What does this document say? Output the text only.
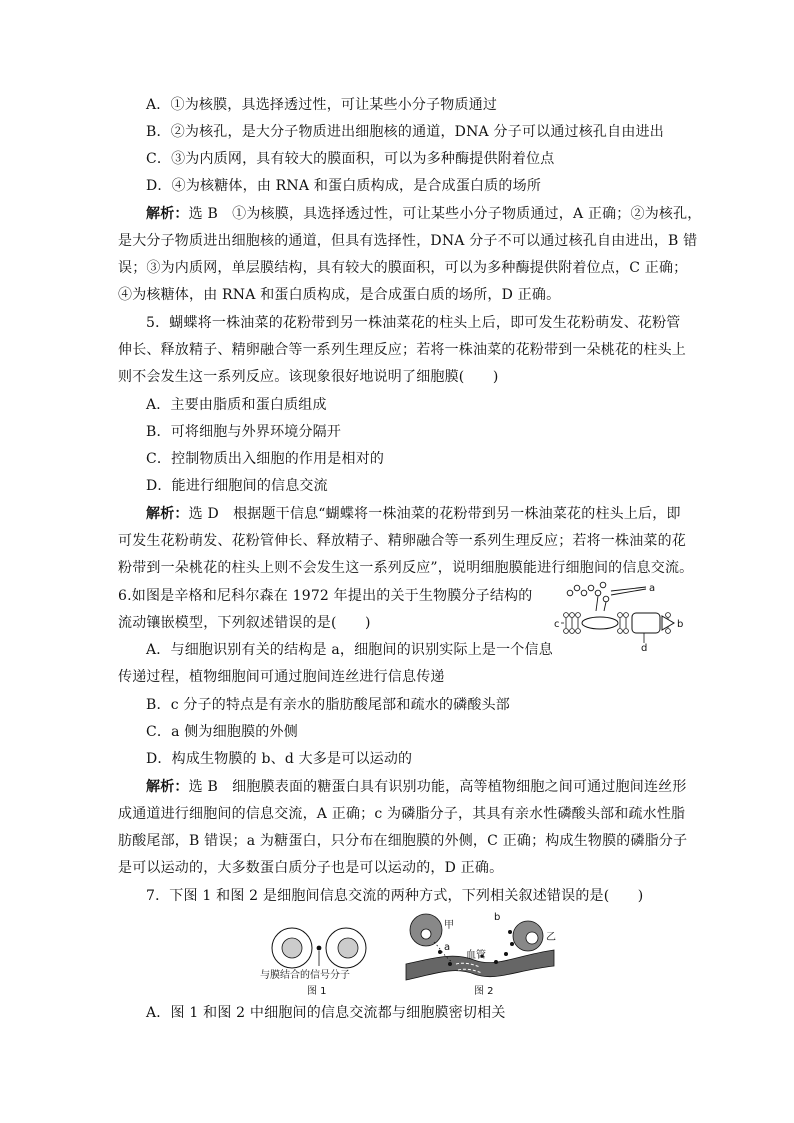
A．①为核膜，具选择透过性，可让某些小分子物质通过
B．②为核孔，是大分子物质进出细胞核的通道，DNA 分子可以通过核孔自由进出
C．③为内质网，具有较大的膜面积，可以为多种酶提供附着位点
D．④为核糖体，由 RNA 和蛋白质构成，是合成蛋白质的场所
解析：选 B　①为核膜，具选择透过性，可让某些小分子物质通过，A 正确；②为核孔，
是大分子物质进出细胞核的通道，但具有选择性，DNA 分子不可以通过核孔自由进出，B 错
误；③为内质网，单层膜结构，具有较大的膜面积，可以为多种酶提供附着位点，C 正确；
④为核糖体，由 RNA 和蛋白质构成，是合成蛋白质的场所，D 正确。
5．蝴蝶将一株油菜的花粉带到另一株油菜花的柱头上后，即可发生花粉萌发、花粉管
伸长、释放精子、精卵融合等一系列生理反应；若将一株油菜的花粉带到一朵桃花的柱头上
则不会发生这一系列反应。该现象很好地说明了细胞膜(　　)
A．主要由脂质和蛋白质组成
B．可将细胞与外界环境分隔开
C．控制物质出入细胞的作用是相对的
D．能进行细胞间的信息交流
解析：选 D　根据题干信息“蝴蝶将一株油菜的花粉带到另一株油菜花的柱头上后，即
可发生花粉萌发、花粉管伸长、释放精子、精卵融合等一系列生理反应；若将一株油菜的花
粉带到一朵桃花的柱头上则不会发生这一系列反应”，说明细胞膜能进行细胞间的信息交流。
6.如图是辛格和尼科尔森在 1972 年提出的关于生物膜分子结构的
流动镶嵌模型，下列叙述错误的是(　　)
A．与细胞识别有关的结构是 a，细胞间的识别实际上是一个信息
传递过程，植物细胞间可通过胞间连丝进行信息传递
B．c 分子的特点是有亲水的脂肪酸尾部和疏水的磷酸头部
C．a 侧为细胞膜的外侧
D．构成生物膜的 b、d 大多是可以运动的
a
b
c
d
解析：选 B　细胞膜表面的糖蛋白具有识别功能，高等植物细胞之间可通过胞间连丝形
成通道进行细胞间的信息交流，A 正确；c 为磷脂分子，其具有亲水性磷酸头部和疏水性脂
肪酸尾部，B 错误；a 为糖蛋白，只分布在细胞膜的外侧，C 正确；构成生物膜的磷脂分子
是可以运动的，大多数蛋白质分子也是可以运动的，D 正确。
7．下图 1 和图 2 是细胞间信息交流的两种方式，下列相关叙述错误的是(　　)
与膜结合的信号分子
图 1
甲
a
b
乙
血管
图 2
A．图 1 和图 2 中细胞间的信息交流都与细胞膜密切相关
